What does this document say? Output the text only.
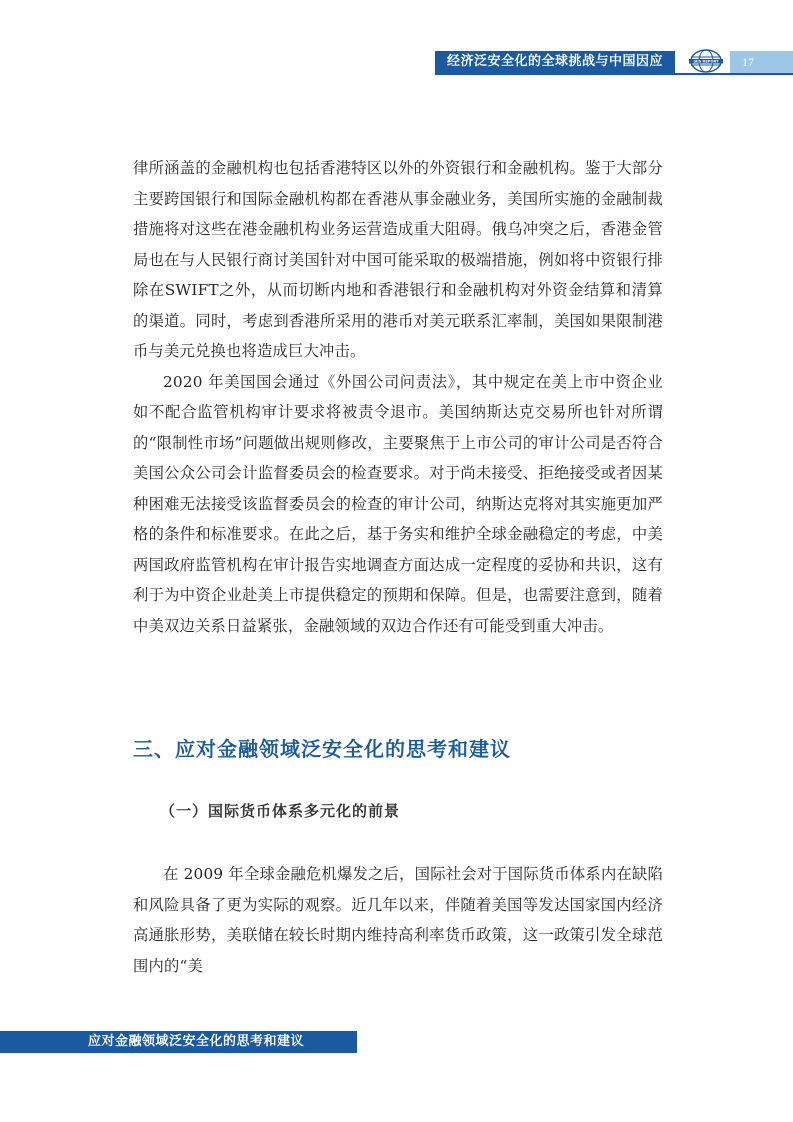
经济泛安全化的全球挑战与中国因应	SIIS REPORT	17

律所涵盖的金融机构也包括香港特区以外的外资银行和金融机构。鉴于大部分主要跨国银行和国际金融机构都在香港从事金融业务，美国所实施的金融制裁措施将对这些在港金融机构业务运营造成重大阻碍。俄乌冲突之后，香港金管局也在与人民银行商讨美国针对中国可能采取的极端措施，例如将中资银行排除在SWIFT之外，从而切断内地和香港银行和金融机构对外资金结算和清算的渠道。同时，考虑到香港所采用的港币对美元联系汇率制，美国如果限制港币与美元兑换也将造成巨大冲击。

2020 年美国国会通过《外国公司问责法》，其中规定在美上市中资企业如不配合监管机构审计要求将被责令退市。美国纳斯达克交易所也针对所谓的“限制性市场”问题做出规则修改，主要聚焦于上市公司的审计公司是否符合美国公众公司会计监督委员会的检查要求。对于尚未接受、拒绝接受或者因某种困难无法接受该监督委员会的检查的审计公司，纳斯达克将对其实施更加严格的条件和标准要求。在此之后，基于务实和维护全球金融稳定的考虑，中美两国政府监管机构在审计报告实地调查方面达成一定程度的妥协和共识，这有利于为中资企业赴美上市提供稳定的预期和保障。但是，也需要注意到，随着中美双边关系日益紧张，金融领域的双边合作还有可能受到重大冲击。

三、应对金融领域泛安全化的思考和建议
（一）国际货币体系多元化的前景

在 2009 年全球金融危机爆发之后，国际社会对于国际货币体系内在缺陷和风险具备了更为实际的观察。近几年以来，伴随着美国等发达国家国内经济高通胀形势，美联储在较长时期内维持高利率货币政策，这一政策引发全球范围内的“美

应对金融领域泛安全化的思考和建议
